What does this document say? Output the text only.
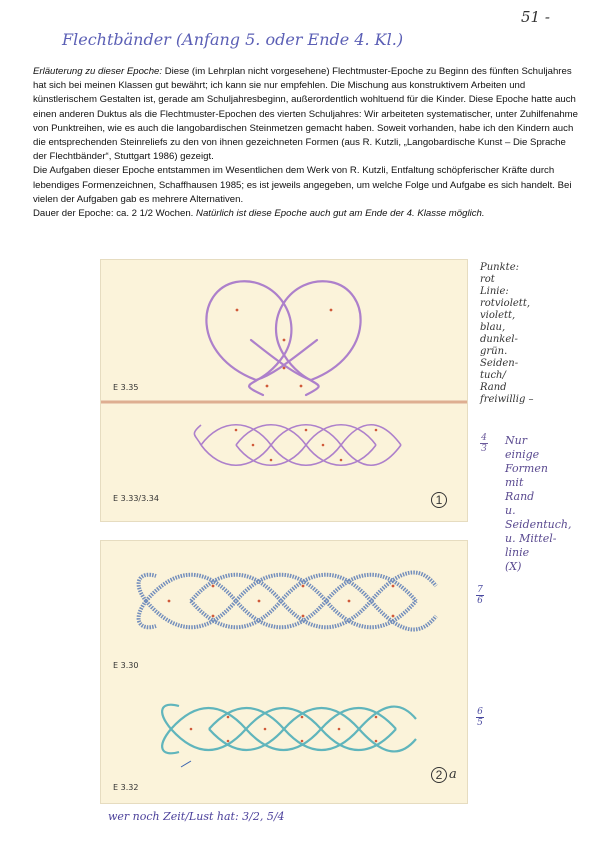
51 -
Flechtbänder (Anfang 5. oder Ende 4. Kl.)

Erläuterung zu dieser Epoche: Diese (im Lehrplan nicht vorgesehene) Flechtmuster-Epoche zu Beginn des fünften Schuljahres hat sich bei meinen Klassen gut bewährt; ich kann sie nur empfehlen. Die Mischung aus konstruktivem Arbeiten und künstlerischem Gestalten ist, gerade am Schuljahresbeginn, außerordentlich wohltuend für die Kinder. Diese Epoche hatte auch einen anderen Duktus als die Flechtmuster-Epochen des vierten Schuljahres: Wir arbeiteten systematischer, unter Zuhilfenahme von Punktreihen, wie es auch die langobardischen Steinmetzen gemacht haben. Soweit vorhanden, habe ich den Kindern auch die entsprechenden Steinreliefs zu den von ihnen gezeichneten Formen (aus R. Kutzli, „Langobardische Kunst – Die Sprache der Flechtbänder“, Stuttgart 1986) gezeigt.

Die Aufgaben dieser Epoche entstammen im Wesentlichen dem Werk von R. Kutzli, Entfaltung schöpferischer Kräfte durch lebendiges Formenzeichnen, Schaffhausen 1985; es ist jeweils angegeben, um welche Folge und Aufgabe es sich handelt. Bei vielen der Aufgaben gab es mehrere Alternativen.

Dauer der Epoche: ca. 2 1/2 Wochen. Natürlich ist diese Epoche auch gut am Ende der 4. Klasse möglich.

E 3.35
E 3.33/3.34	1
E 3.30
E 3.32
2 a
Punkte:
rot
Linie:
rotviolett,
violett,
blau,
dunkel-
grün.
Seiden-
tuch/
Rand
freiwillig –
Nur
einige
Formen
mit
Rand
u.
Seidentuch,
u. Mittel-
linie
(X)
4
3
7
6
6
5
wer noch Zeit/Lust hat: 3/2, 5/4
